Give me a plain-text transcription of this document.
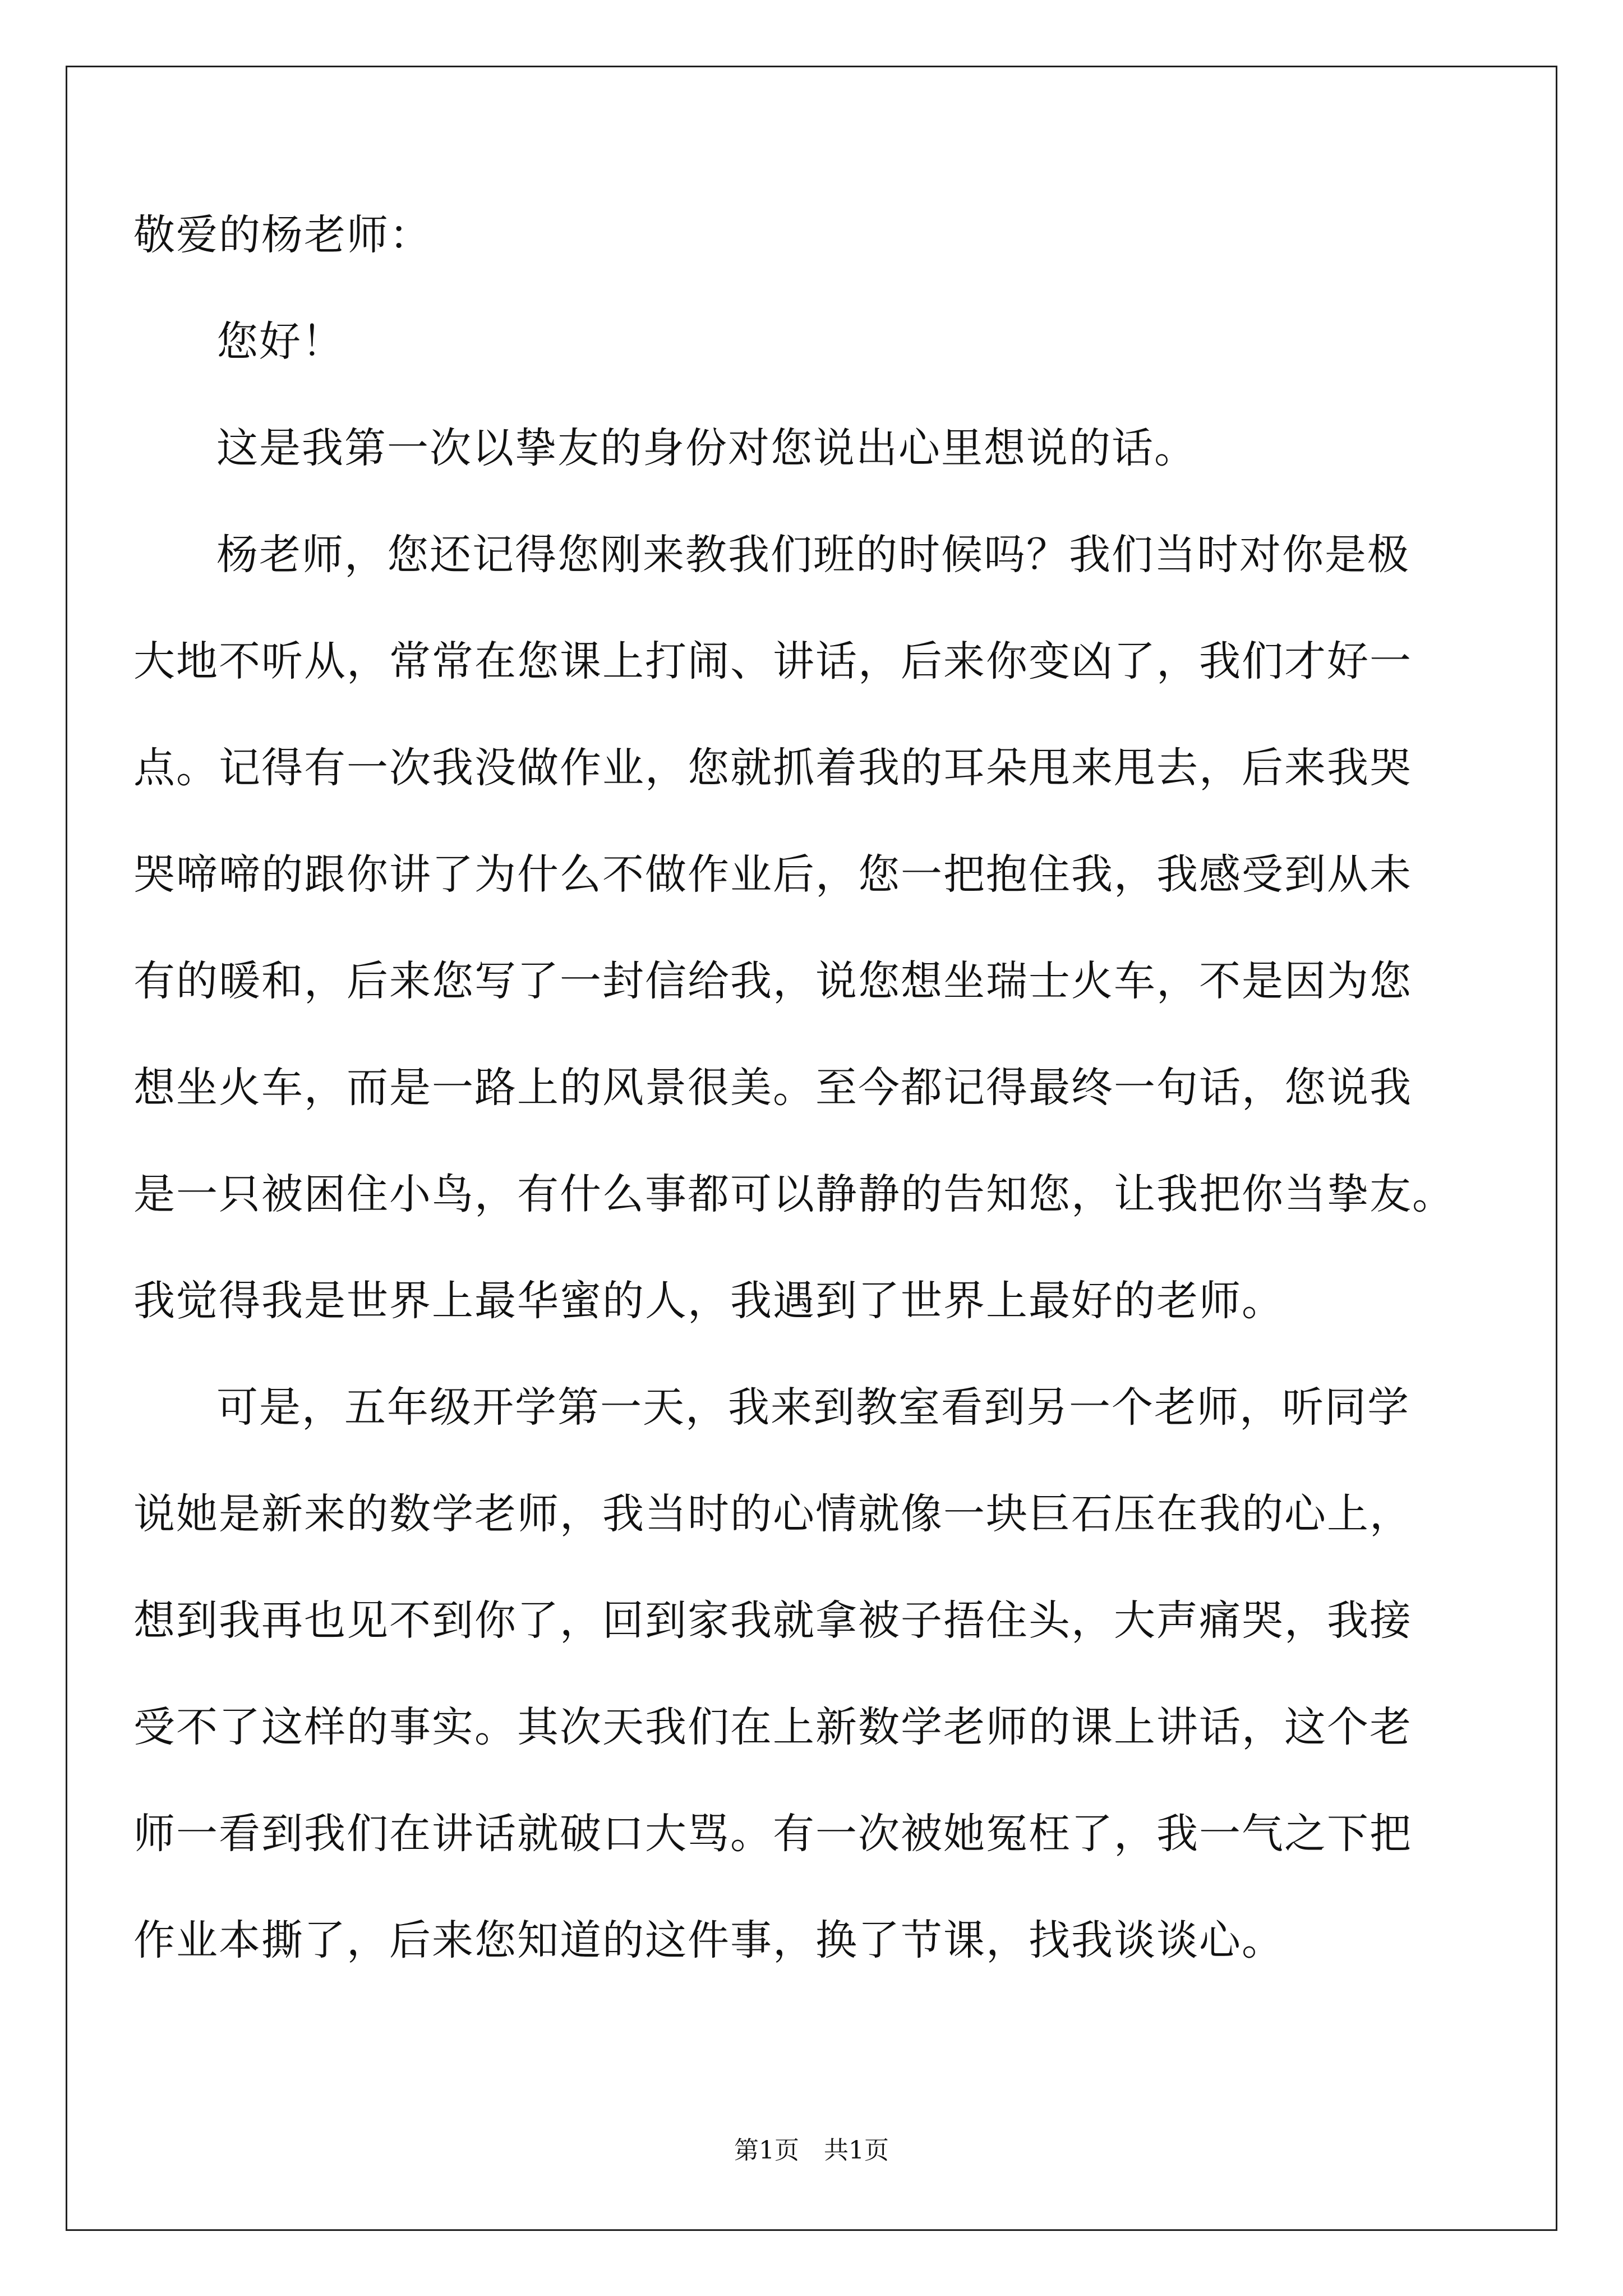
敬爱的杨老师：
您好！
这是我第一次以挚友的身份对您说出心里想说的话。
杨老师，您还记得您刚来教我们班的时候吗？我们当时对你是极
大地不听从，常常在您课上打闹、讲话，后来你变凶了，我们才好一
点。记得有一次我没做作业，您就抓着我的耳朵甩来甩去，后来我哭
哭啼啼的跟你讲了为什么不做作业后，您一把抱住我，我感受到从未
有的暖和，后来您写了一封信给我，说您想坐瑞士火车，不是因为您
想坐火车，而是一路上的风景很美。至今都记得最终一句话，您说我
是一只被困住小鸟，有什么事都可以静静的告知您，让我把你当挚友。
我觉得我是世界上最华蜜的人，我遇到了世界上最好的老师。
可是，五年级开学第一天，我来到教室看到另一个老师，听同学
说她是新来的数学老师，我当时的心情就像一块巨石压在我的心上，
想到我再也见不到你了，回到家我就拿被子捂住头，大声痛哭，我接
受不了这样的事实。其次天我们在上新数学老师的课上讲话，这个老
师一看到我们在讲话就破口大骂。有一次被她冤枉了，我一气之下把
作业本撕了，后来您知道的这件事，换了节课，找我谈谈心。
第1页　共1页
